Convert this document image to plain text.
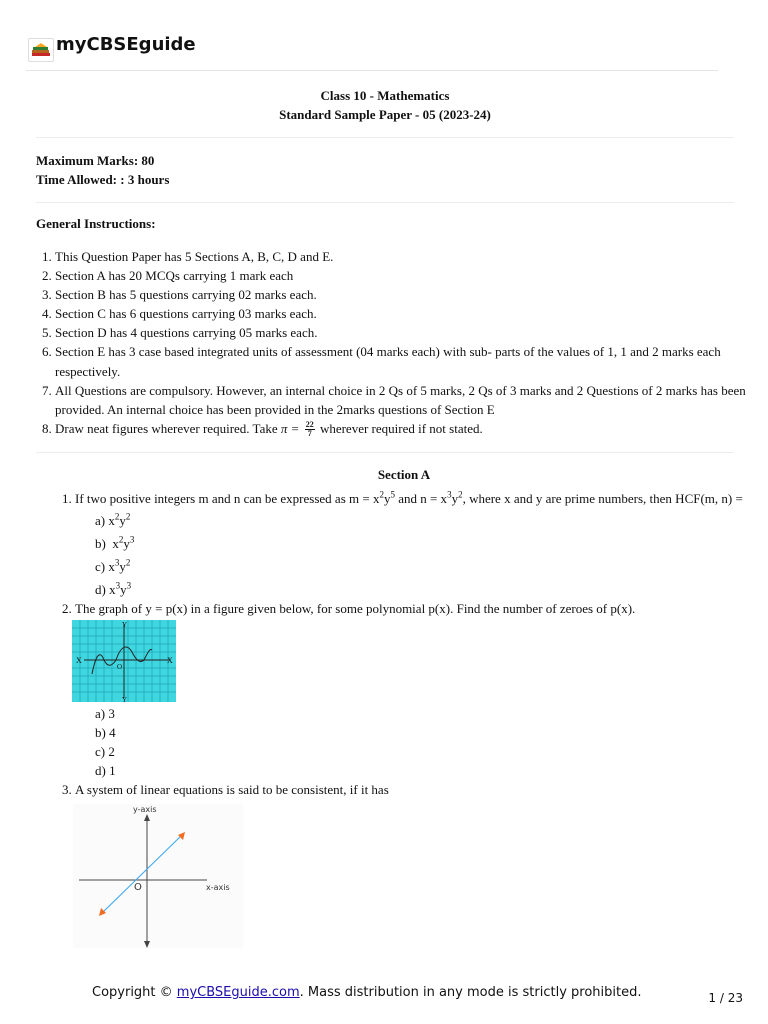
myCBSEguide
Class 10 - Mathematics
Standard Sample Paper - 05 (2023-24)
Maximum Marks: 80
Time Allowed: : 3 hours
General Instructions:
1. This Question Paper has 5 Sections A, B, C, D and E.
2. Section A has 20 MCQs carrying 1 mark each
3. Section B has 5 questions carrying 02 marks each.
4. Section C has 6 questions carrying 03 marks each.
5. Section D has 4 questions carrying 05 marks each.
6. Section E has 3 case based integrated units of assessment (04 marks each) with sub- parts of the values of 1, 1 and 2 marks each respectively.
7. All Questions are compulsory. However, an internal choice in 2 Qs of 5 marks, 2 Qs of 3 marks and 2 Questions of 2 marks has been provided. An internal choice has been provided in the 2marks questions of Section E
8. Draw neat figures wherever required. Take $\pi = \frac{22}{7}$ wherever required if not stated.
Section A
1. If two positive integers m and n can be expressed as $m = x^2y^5$ and $n = x^3y^2$, where x and y are prime numbers, then HCF(m, n) =
a) $x^2y^2$
b)  $x^2y^3$
c) $x^3y^2$
d) $x^3y^3$
2. The graph of y = p(x) in a figure given below, for some polynomial p(x). Find the number of zeroes of p(x).
X	X
Y
Y
O
a) 3
b) 4
c) 2
d) 1
3. A system of linear equations is said to be consistent, if it has
y-axis
x-axis
O
Copyright © myCBSEguide.com. Mass distribution in any mode is strictly prohibited.	1 / 23
